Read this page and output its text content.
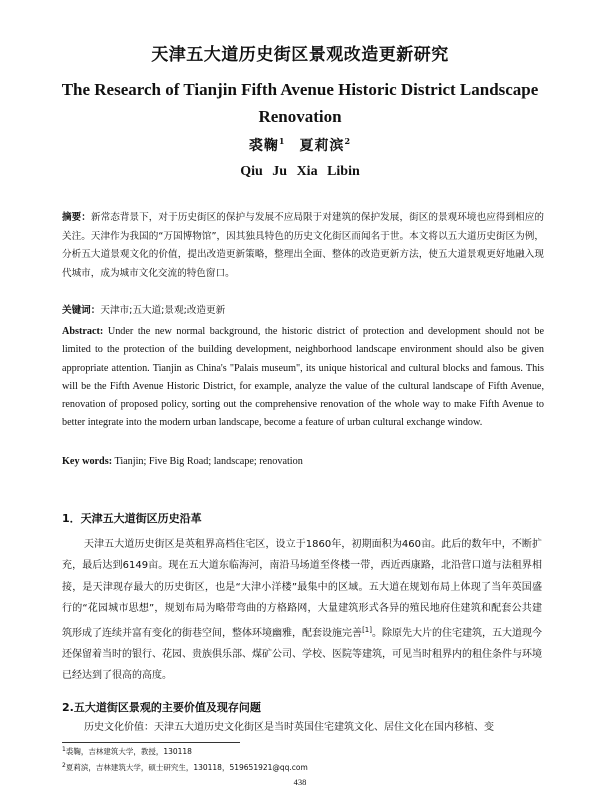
天津五大道历史街区景观改造更新研究
The Research of Tianjin Fifth Avenue Historic District Landscape Renovation
裘鞠$^1$ 夏莉滨$^2$
Qiu Ju Xia Libin
摘要：新常态背景下，对于历史街区的保护与发展不应局限于对建筑的保护发展，街区的景观环境也应得到相应的关注。天津作为我国的“万国博物馆”，因其独具特色的历史文化街区而闻名于世。本文将以五大道历史街区为例，分析五大道景观文化的价值，提出改造更新策略，整理出全面、整体的改造更新方法，使五大道景观更好地融入现代城市，成为城市文化交流的特色窗口。
关键词：天津市;五大道;景观;改造更新
Abstract: Under the new normal background, the historic district of protection and development should not be limited to the protection of the building development, neighborhood landscape environment should also be given appropriate attention. Tianjin as China's "Palais museum", its unique historical and cultural blocks and famous. This will be the Fifth Avenue Historic District, for example, analyze the value of the cultural landscape of Fifth Avenue, renovation of proposed policy, sorting out the comprehensive renovation of the whole way to make Fifth Avenue to better integrate into the modern urban landscape, become a feature of urban cultural exchange window.
Key words: Tianjin; Five Big Road; landscape; renovation
1．天津五大道街区历史沿革
天津五大道历史街区是英租界高档住宅区，设立于1860年，初期面积为460亩。此后的数年中，不断扩充，最后达到6149亩。现在五大道东临海河，南沿马场道至佟楼一带，西近西康路，北沿营口道与法租界相接，是天津现存最大的历史街区，也是“大津小洋楼”最集中的区域。五大道在规划布局上体现了当年英国盛行的“花园城市思想”，规划布局为略带弯曲的方格路网，大量建筑形式各异的殖民地府住建筑和配套公共建筑形成了连续并富有变化的街巷空间，整体环境幽雅，配套设施完善[1]。除原先大片的住宅建筑，五大道现今还保留着当时的银行、花园、贵族俱乐部、煤矿公司、学校、医院等建筑，可见当时租界内的租住条件与环境已经达到了很高的高度。
2.五大道街区景观的主要价值及现存问题
历史文化价值：天津五大道历史文化街区是当时英国住宅建筑文化、居住文化在国内移植、变
$^1$裘鞠，吉林建筑大学，教授，130118
$^2$夏莉滨，吉林建筑大学，硕士研究生，130118，519651921@qq.com
438
